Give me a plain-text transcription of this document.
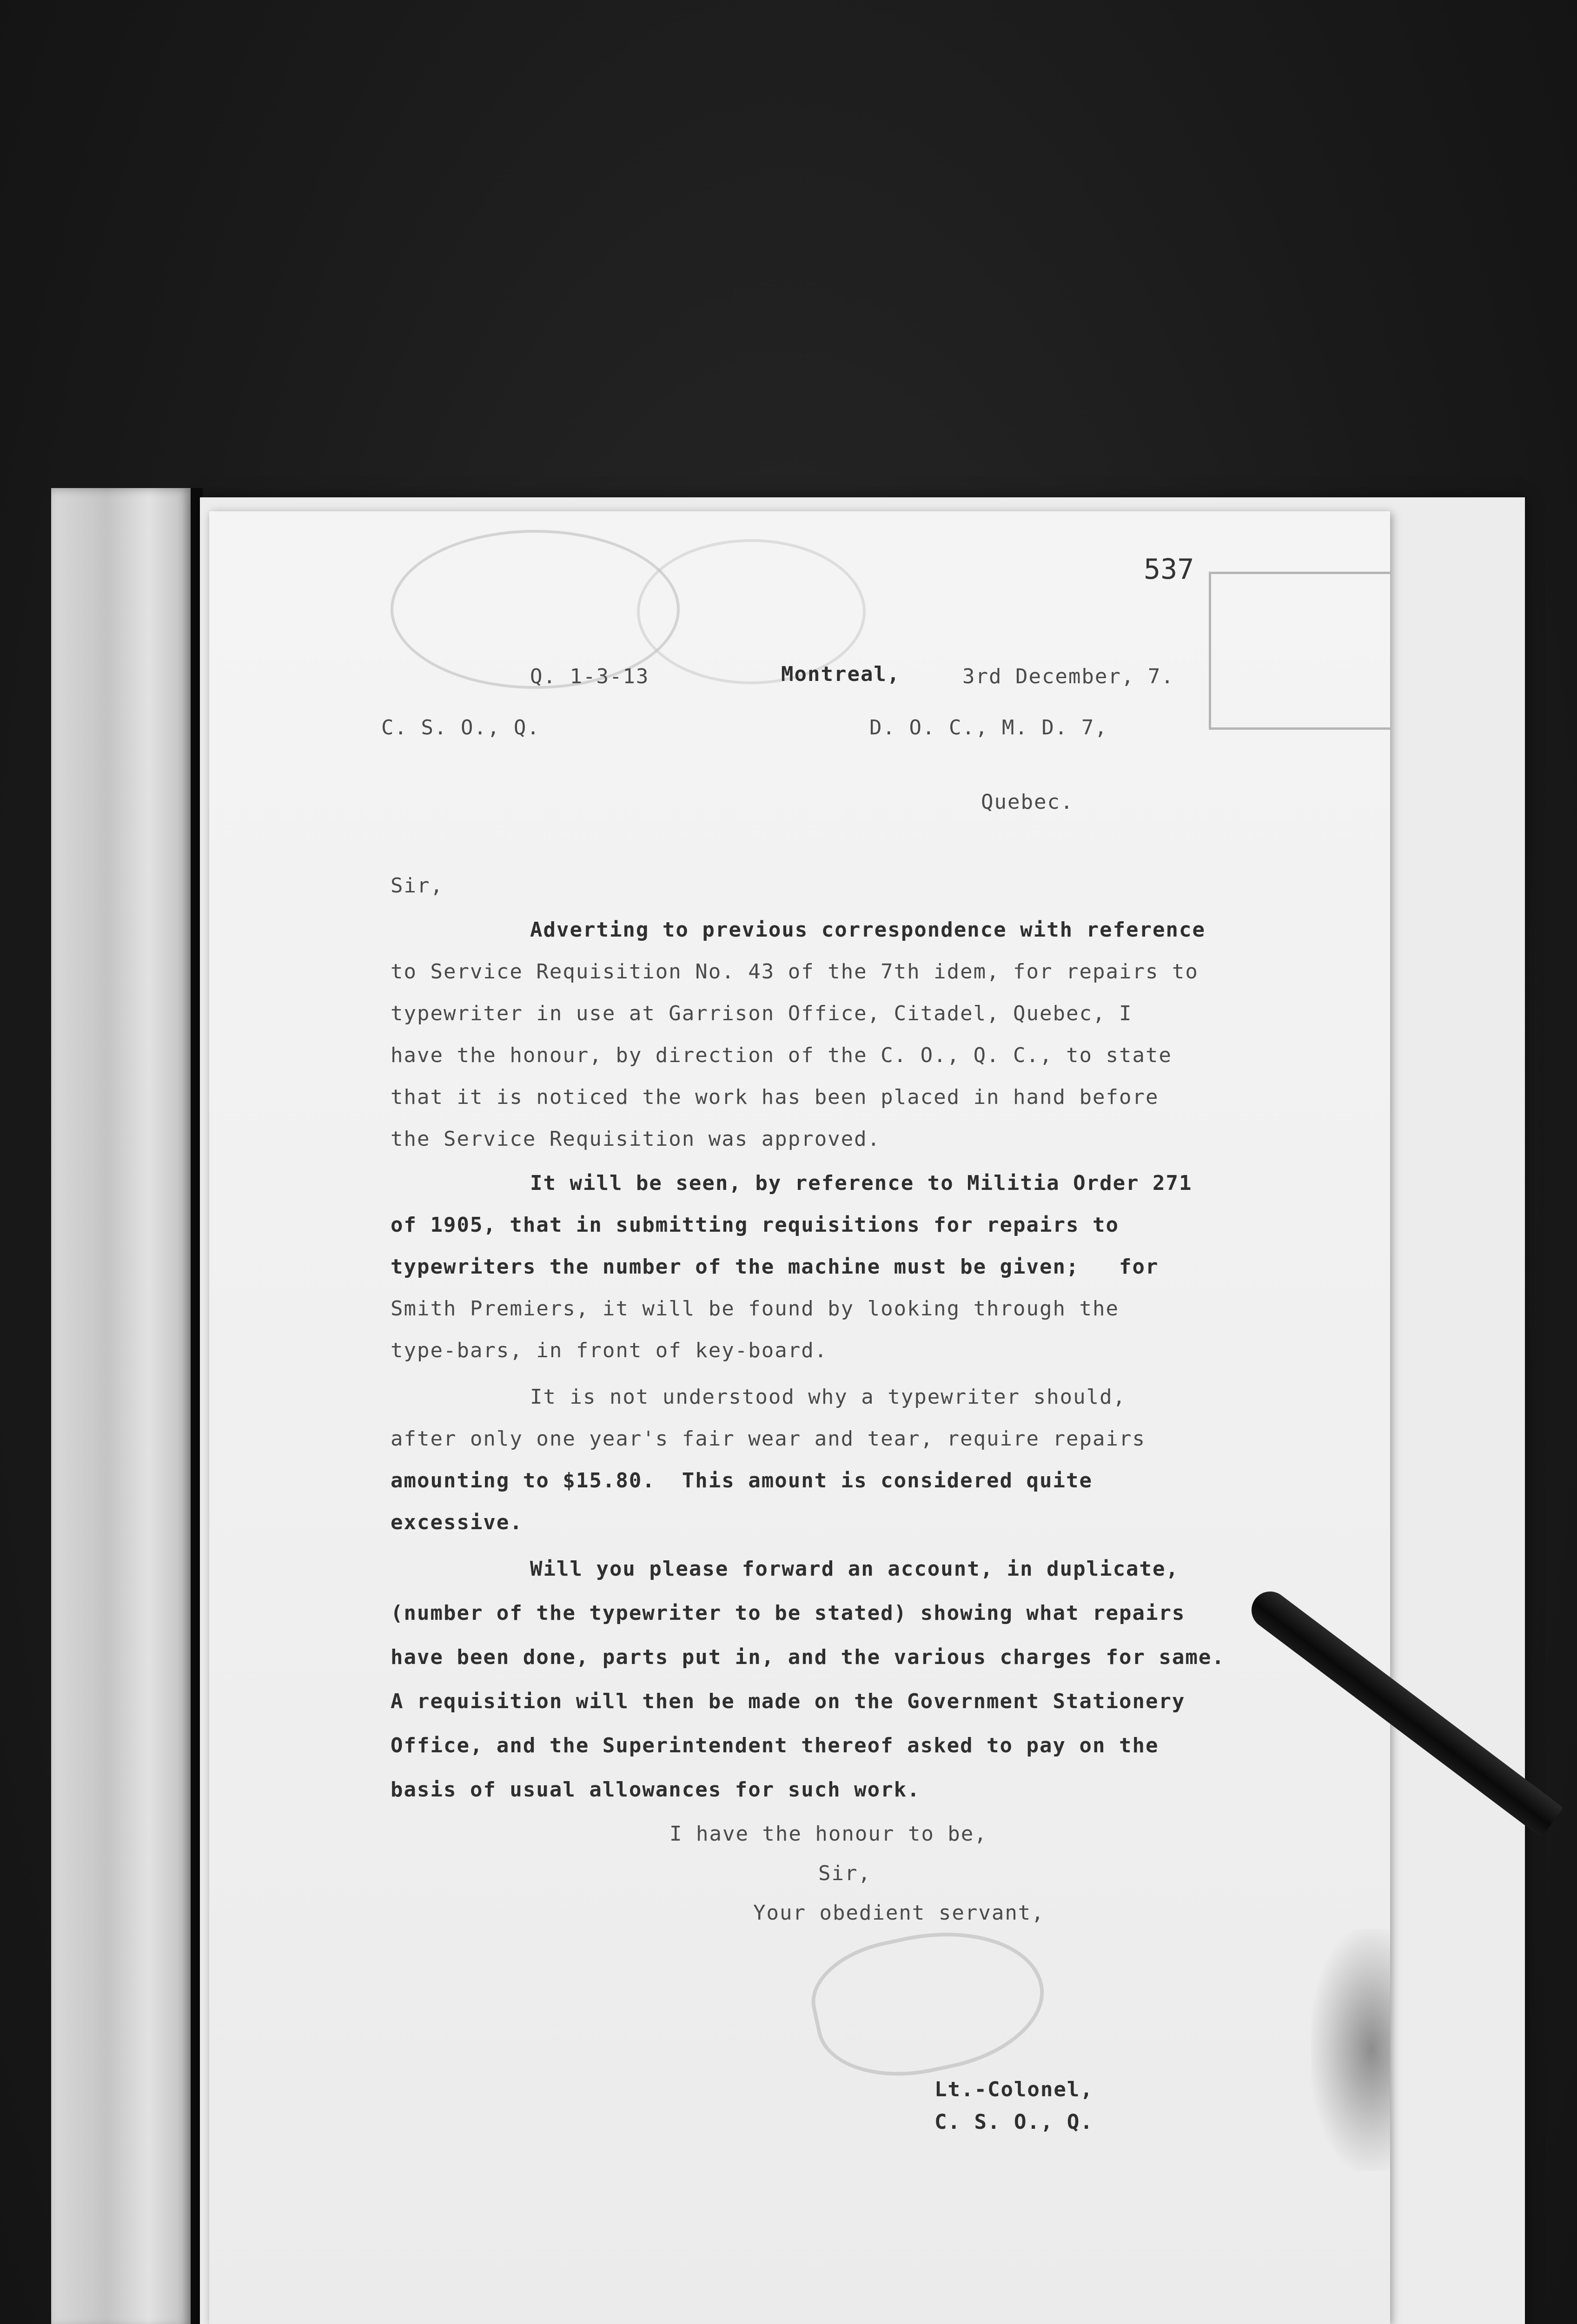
537
Q. 1-3-13	Montreal,	3rd December, 7.
C. S. O., Q.	D. O. C., M. D. 7,
Quebec.
Sir,
Adverting to previous correspondence with reference
to Service Requisition No. 43 of the 7th idem, for repairs to
typewriter in use at Garrison Office, Citadel, Quebec, I
have the honour, by direction of the C. O., Q. C., to state
that it is noticed the work has been placed in hand before
the Service Requisition was approved.
It will be seen, by reference to Militia Order 271
of 1905, that in submitting requisitions for repairs to
typewriters the number of the machine must be given;   for
Smith Premiers, it will be found by looking through the
type-bars, in front of key-board.
It is not understood why a typewriter should,
after only one year's fair wear and tear, require repairs
amounting to $15.80.  This amount is considered quite
excessive.
Will you please forward an account, in duplicate,
(number of the typewriter to be stated) showing what repairs
have been done, parts put in, and the various charges for same.
A requisition will then be made on the Government Stationery
Office, and the Superintendent thereof asked to pay on the
basis of usual allowances for such work.
I have the honour to be,
Sir,
Your obedient servant,
Lt.-Colonel,
C. S. O., Q.
